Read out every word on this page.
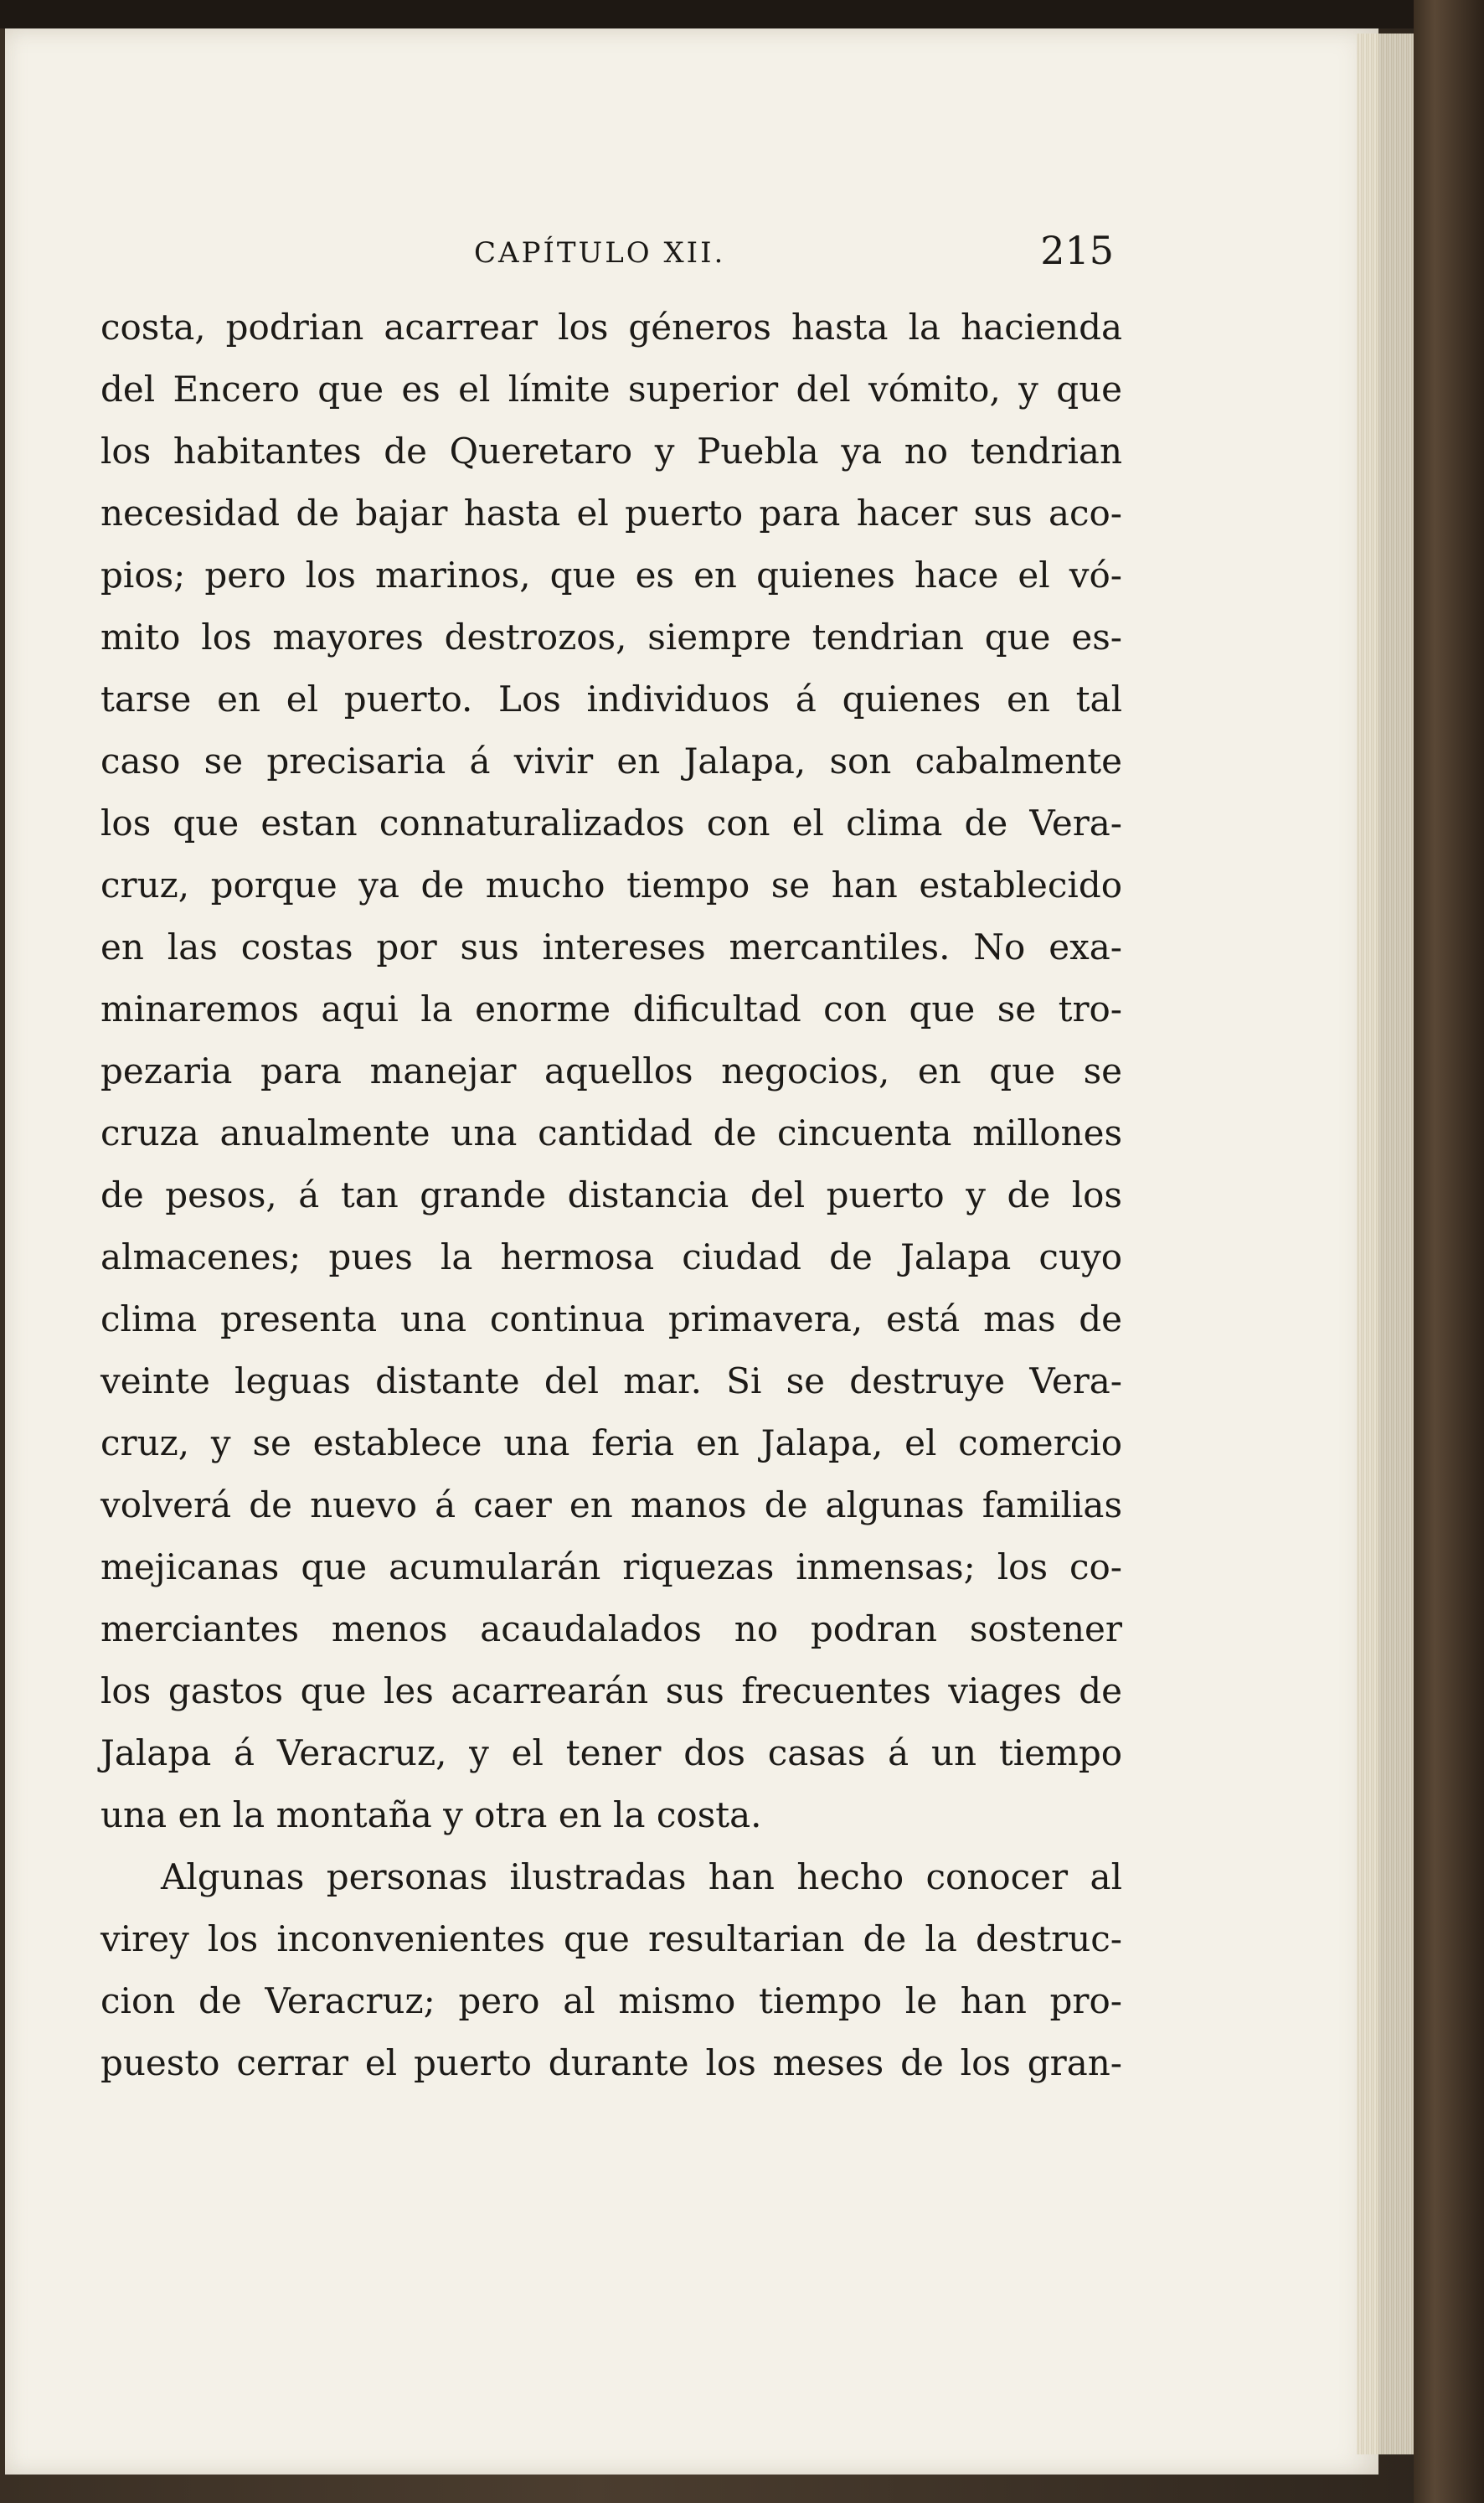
CAPÍTULO XII.	215
costa, podrian acarrear los géneros hasta la hacienda
del Encero que es el límite superior del vómito, y que
los habitantes de Queretaro y Puebla ya no tendrian
necesidad de bajar hasta el puerto para hacer sus aco-
pios; pero los marinos, que es en quienes hace el vó-
mito los mayores destrozos, siempre tendrian que es-
tarse en el puerto. Los individuos á quienes en tal
caso se precisaria á vivir en Jalapa, son cabalmente
los que estan connaturalizados con el clima de Vera-
cruz, porque ya de mucho tiempo se han establecido
en las costas por sus intereses mercantiles. No exa-
minaremos aqui la enorme dificultad con que se tro-
pezaria para manejar aquellos negocios, en que se
cruza anualmente una cantidad de cincuenta millones
de pesos, á tan grande distancia del puerto y de los
almacenes; pues la hermosa ciudad de Jalapa cuyo
clima presenta una continua primavera, está mas de
veinte leguas distante del mar. Si se destruye Vera-
cruz, y se establece una feria en Jalapa, el comercio
volverá de nuevo á caer en manos de algunas familias
mejicanas que acumularán riquezas inmensas; los co-
merciantes menos acaudalados no podran sostener
los gastos que les acarrearán sus frecuentes viages de
Jalapa á Veracruz, y el tener dos casas á un tiempo
una en la montaña y otra en la costa.
Algunas personas ilustradas han hecho conocer al
virey los inconvenientes que resultarian de la destruc-
cion de Veracruz; pero al mismo tiempo le han pro-
puesto cerrar el puerto durante los meses de los gran-
